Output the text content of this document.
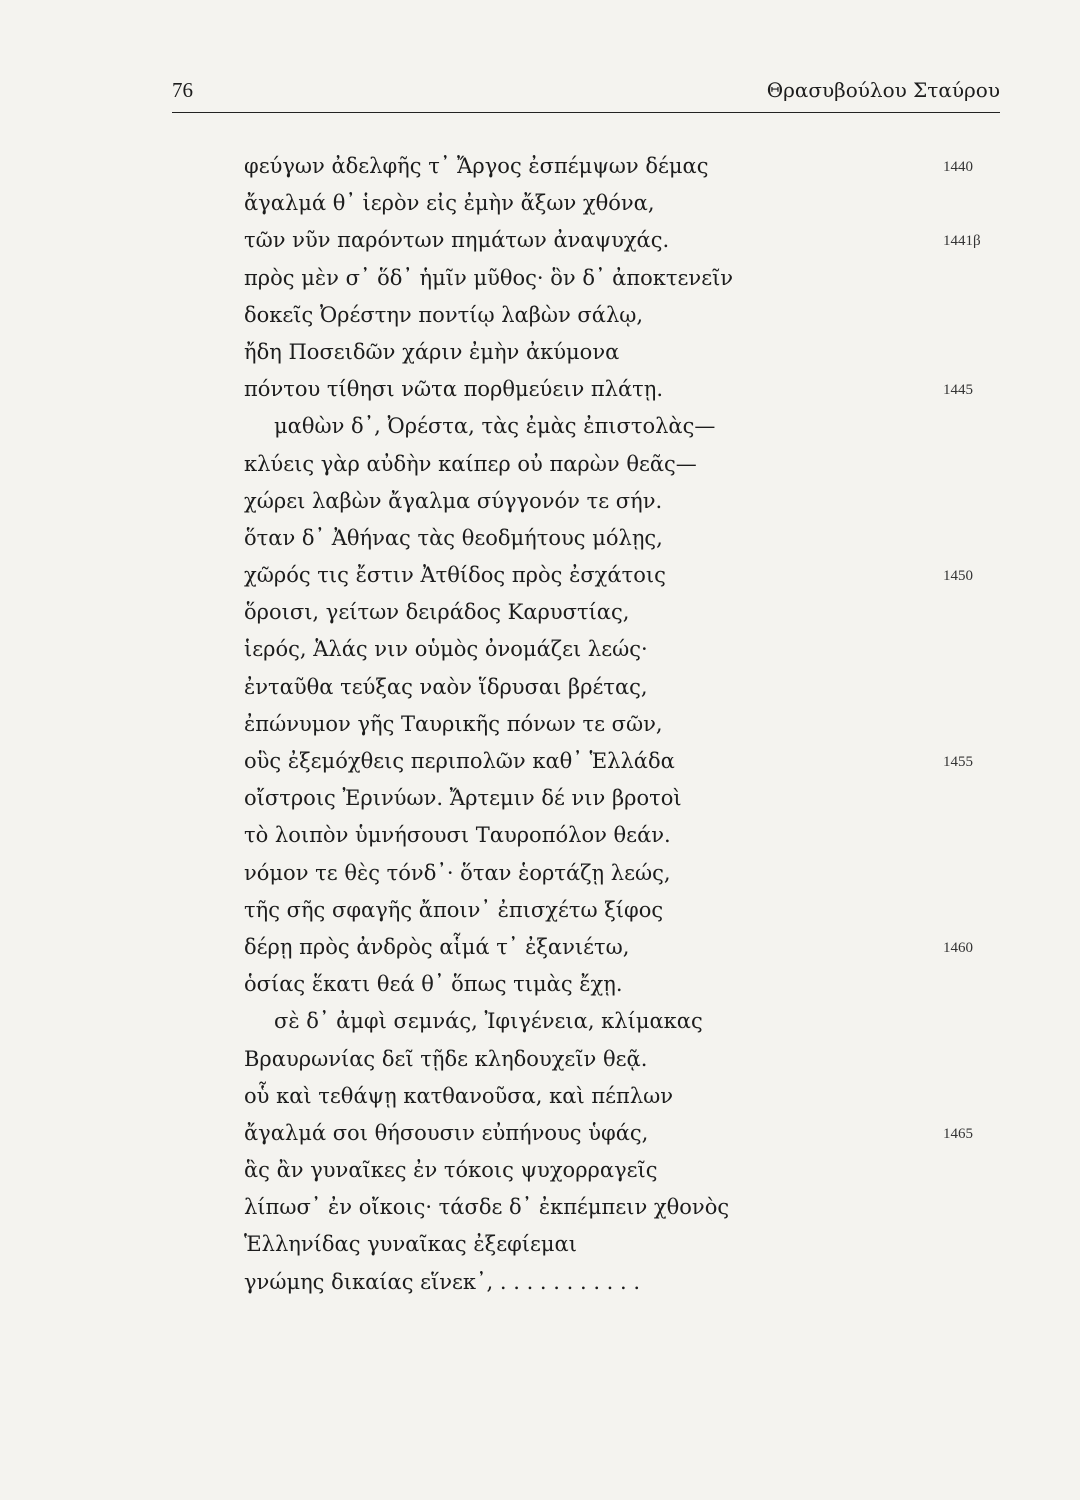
76	Θρασυβούλου Σταύρου
φεύγων ἀδελφῆς τ᾽ Ἄργος ἐσπέμψων δέμας	1440
ἄγαλμά θ᾽ ἱερὸν εἰς ἐμὴν ἄξων χθόνα,
τῶν νῦν παρόντων πημάτων ἀναψυχάς.	1441β
πρὸς μὲν σ᾽ ὅδ᾽ ἡμῖν μῦθος· ὃν δ᾽ ἀποκτενεῖν
δοκεῖς Ὀρέστην ποντίῳ λαβὼν σάλῳ,
ἤδη Ποσειδῶν χάριν ἐμὴν ἀκύμονα
πόντου τίθησι νῶτα πορθμεύειν πλάτῃ.	1445
μαθὼν δ᾽, Ὀρέστα, τὰς ἐμὰς ἐπιστολὰς—
κλύεις γὰρ αὐδὴν καίπερ οὐ παρὼν θεᾶς—
χώρει λαβὼν ἄγαλμα σύγγονόν τε σήν.
ὅταν δ᾽ Ἀθήνας τὰς θεοδμήτους μόλῃς,
χῶρός τις ἔστιν Ἀτθίδος πρὸς ἐσχάτοις	1450
ὅροισι, γείτων δειράδος Καρυστίας,
ἱερός, Ἁλάς νιν οὑμὸς ὀνομάζει λεώς·
ἐνταῦθα τεύξας ναὸν ἵδρυσαι βρέτας,
ἐπώνυμον γῆς Ταυρικῆς πόνων τε σῶν,
οὓς ἐξεμόχθεις περιπολῶν καθ᾽ Ἑλλάδα	1455
οἴστροις Ἐρινύων. Ἄρτεμιν δέ νιν βροτοὶ
τὸ λοιπὸν ὑμνήσουσι Ταυροπόλον θεάν.
νόμον τε θὲς τόνδ᾽· ὅταν ἑορτάζῃ λεώς,
τῆς σῆς σφαγῆς ἄποιν᾽ ἐπισχέτω ξίφος
δέρῃ πρὸς ἀνδρὸς αἷμά τ᾽ ἐξανιέτω,	1460
ὁσίας ἕκατι θεά θ᾽ ὅπως τιμὰς ἔχῃ.
σὲ δ᾽ ἀμφὶ σεμνάς, Ἰφιγένεια, κλίμακας
Βραυρωνίας δεῖ τῇδε κληδουχεῖν θεᾷ.
οὗ καὶ τεθάψῃ κατθανοῦσα, καὶ πέπλων
ἄγαλμά σοι θήσουσιν εὐπήνους ὑφάς,	1465
ἃς ἂν γυναῖκες ἐν τόκοις ψυχορραγεῖς
λίπωσ᾽ ἐν οἴκοις· τάσδε δ᾽ ἐκπέμπειν χθονὸς
Ἑλληνίδας γυναῖκας ἐξεφίεμαι
γνώμης δικαίας εἵνεκ᾽, . . . . . . . . . . .
